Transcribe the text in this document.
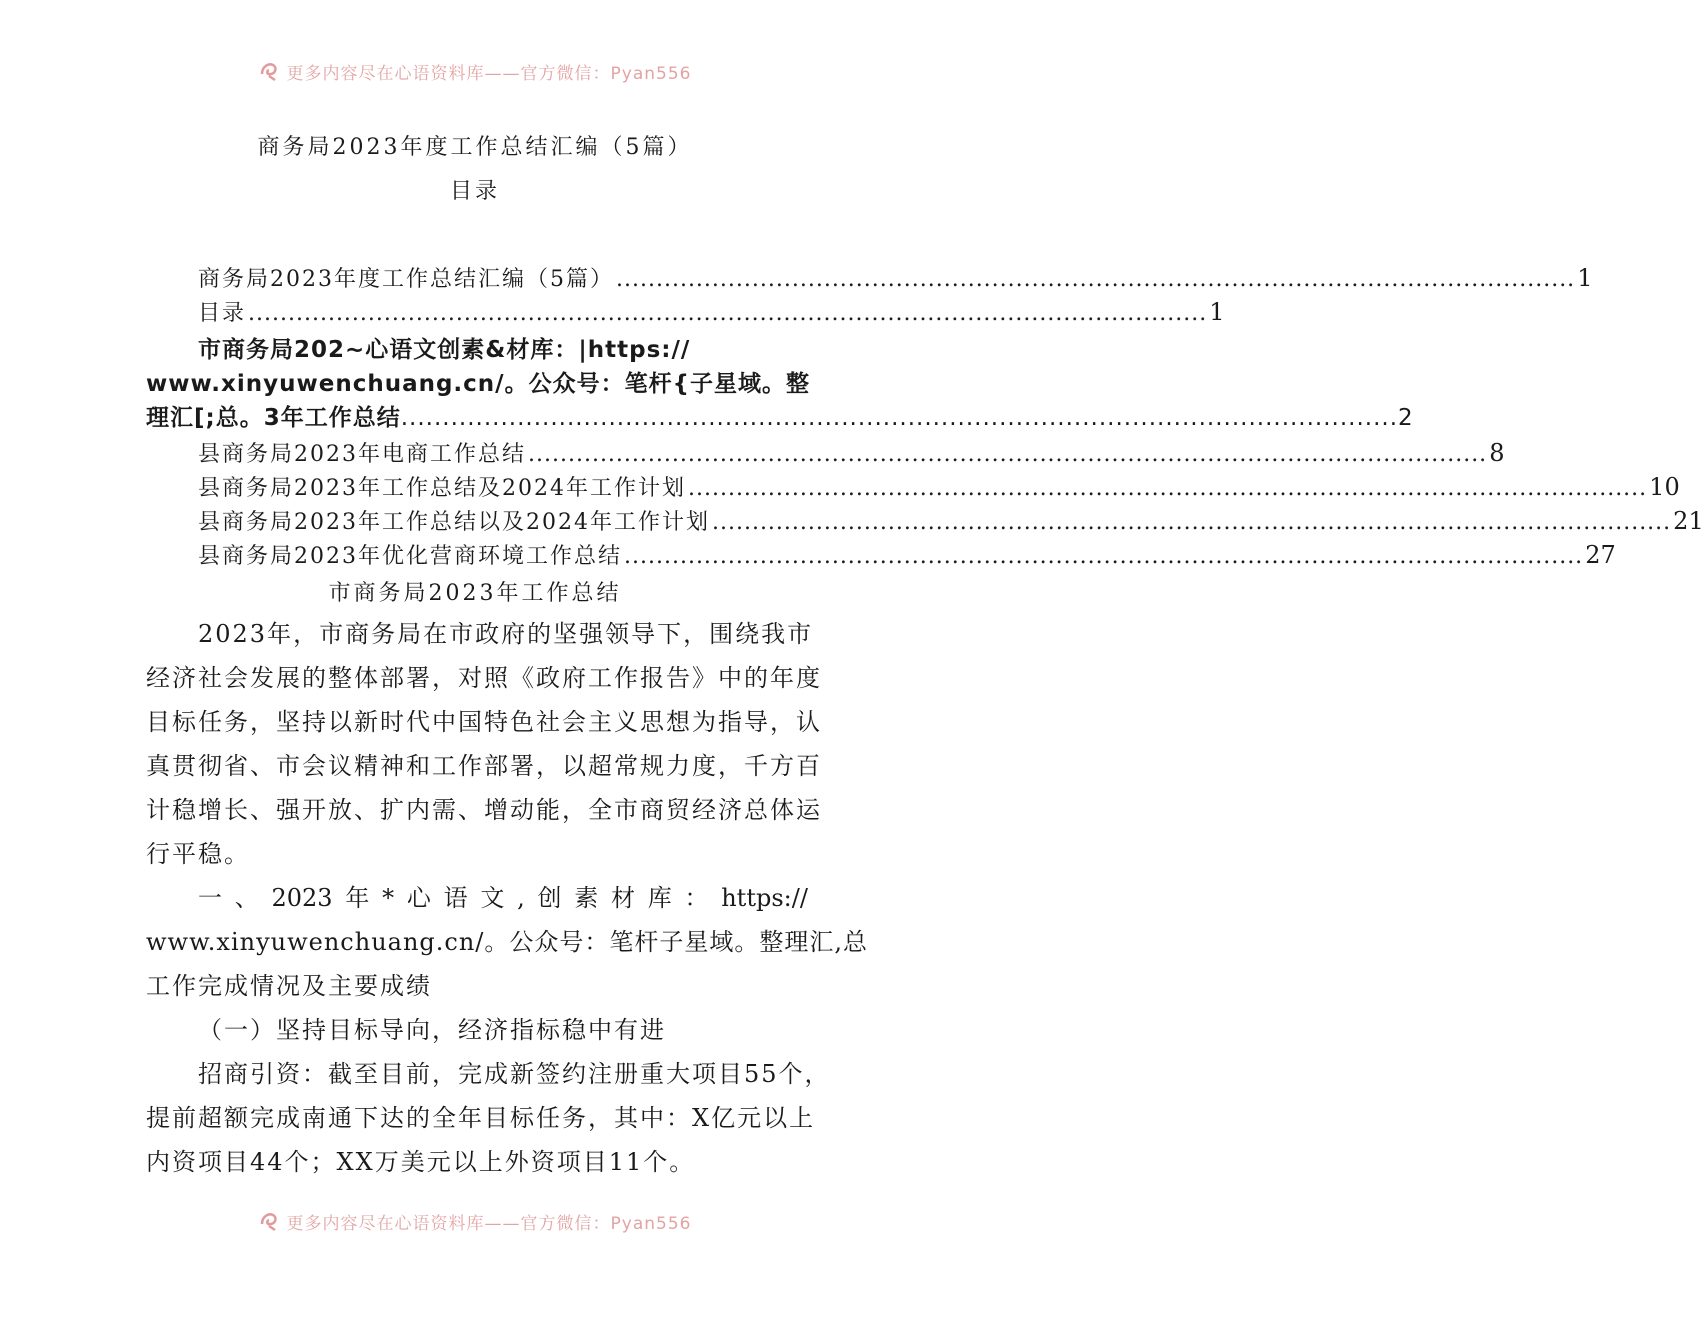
更多内容尽在心语资料库——官方微信：Pyan556
商务局2023年度工作总结汇编（5篇）
目录
商务局2023年度工作总结汇编（5篇） ........................................................................................................................ 1
目录 ........................................................................................................................ 1
市商务局202~心语文创素&材库：|https://
www.xinyuwenchuang.cn/。公众号：笔杆{子星域。整
理汇[;总。3年工作总结 ........................................................................................................................ 2
县商务局2023年电商工作总结 ........................................................................................................................ 8
县商务局2023年工作总结及2024年工作计划 ........................................................................................................................ 10
县商务局2023年工作总结以及2024年工作计划 ........................................................................................................................ 21
县商务局2023年优化营商环境工作总结 ........................................................................................................................ 27
市商务局2023年工作总结
2023年，市商务局在市政府的坚强领导下，围绕我市
经济社会发展的整体部署，对照《政府工作报告》中的年度
目标任务，坚持以新时代中国特色社会主义思想为指导，认
真贯彻省、市会议精神和工作部署，以超常规力度，千方百
计稳增长、强开放、扩内需、增动能，全市商贸经济总体运
行平稳。
一 、 2023 年 * 心 语 文 , 创 素 材 库 ： https://
www.xinyuwenchuang.cn/。公众号：笔杆子星域。整理汇,总
工作完成情况及主要成绩
（一）坚持目标导向，经济指标稳中有进
招商引资：截至目前，完成新签约注册重大项目55个，
提前超额完成南通下达的全年目标任务，其中：X亿元以上
内资项目44个；XX万美元以上外资项目11个。
更多内容尽在心语资料库——官方微信：Pyan556
